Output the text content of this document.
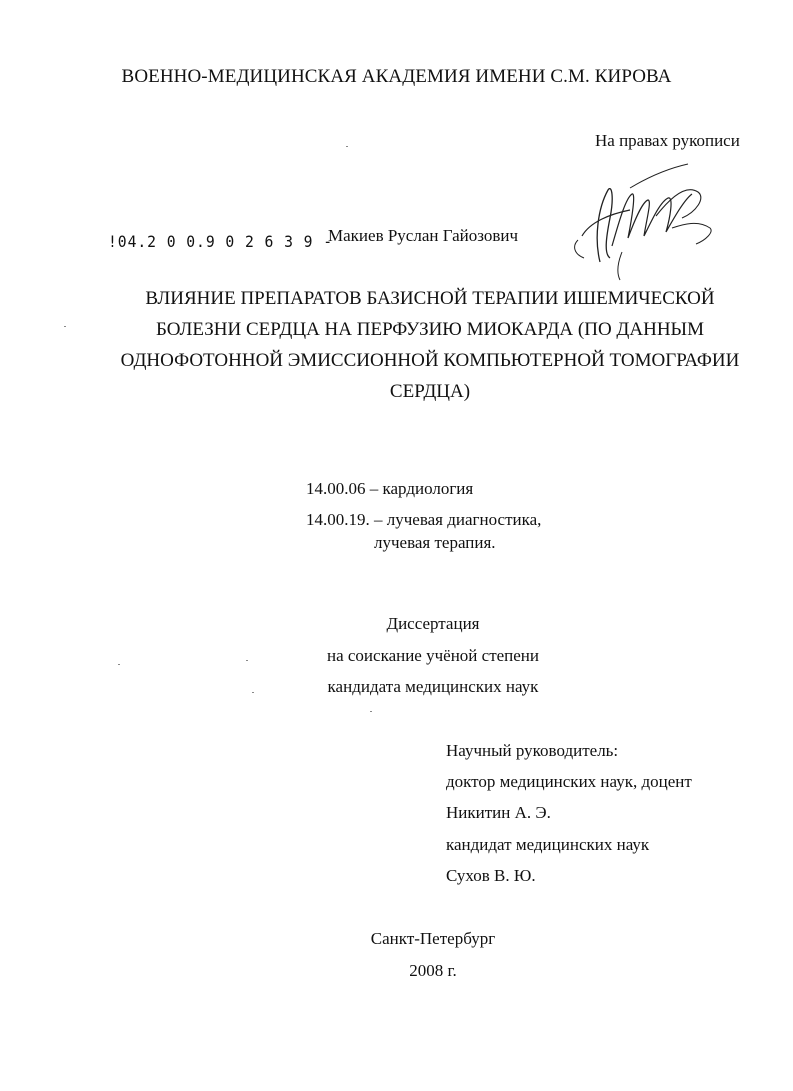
ВОЕННО-МЕДИЦИНСКАЯ АКАДЕМИЯ ИМЕНИ С.М. КИРОВА
На правах рукописи
!04.2 0 0.9 0 2 6 3 9 -
Макиев Руслан Гайозович
ВЛИЯНИЕ ПРЕПАРАТОВ БАЗИСНОЙ ТЕРАПИИ ИШЕМИЧЕСКОЙ
БОЛЕЗНИ СЕРДЦА НА ПЕРФУЗИЮ МИОКАРДА (ПО ДАННЫМ
ОДНОФОТОННОЙ ЭМИССИОННОЙ КОМПЬЮТЕРНОЙ ТОМОГРАФИИ
СЕРДЦА)
14.00.06 – кардиология
14.00.19. – лучевая диагностика,
лучевая терапия.
Диссертация
на соискание учёной степени
кандидата медицинских наук
Научный руководитель:
доктор медицинских наук, доцент
Никитин А. Э.
кандидат медицинских наук
Сухов В. Ю.
Санкт-Петербург
2008 г.
